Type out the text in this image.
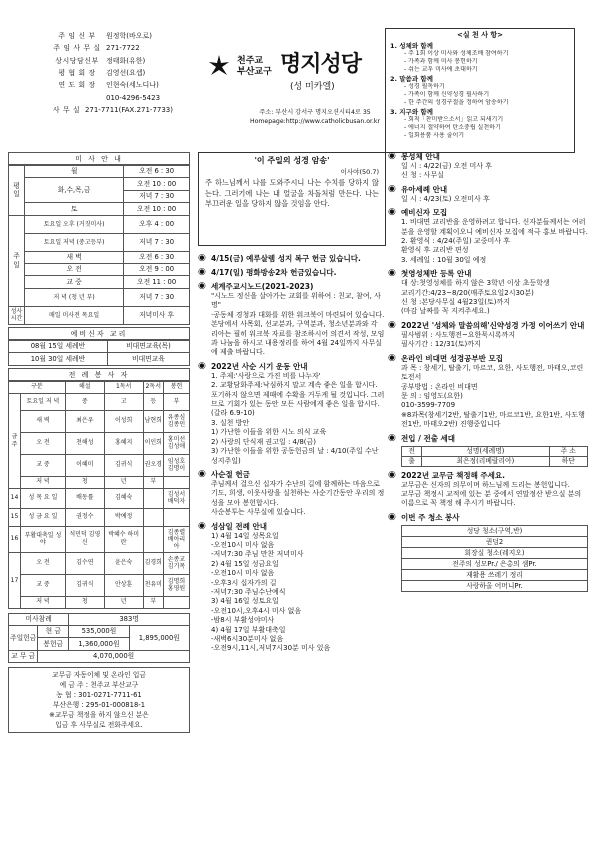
주 임 신 부	원정학(바오로)
주 임 사 무 실 271-7722
상시당담신부	정태화(유한)
평 협 회 장	김영선(요셉)
연 도 회 장	인현숙(세노디나)
010-4296-5423
사 무 실 271-7711(FAX.271-7733)
천주교
부산교구 명지성당
(성 미카엘)
주소: 부산시 강서구 명지오션시티4로 35
Homepage:http://www.catholicbusan.or.kr
<실 천 사 항>
1. 성체와 함께
- 주 1회 이상 미사와 성체조배 참여하기
- 가족과 함께 미사 봉헌하기
- 쉬는 교우 미사에 초대하기
2. 말씀과 함께
- 성경 필독하기
- 가족이 함께 신약성경 필사하기
- 한 주간의 성경구절을 정하여 암송하기
3. 지구와 함께
- 회칙「찬미받으소서」읽고 되새기기
- 에너지 절약하여 탄소중립 실천하기
- 일회용품 사용 줄이기
미 사 안 내
평일	월	오전 6 : 30
	화,수,목,금	오전 10 : 00
		저녁 7 : 30
	토	오전 10 : 00
주일	토요일 오후 (거짓미사)	오후 4 : 00
	토요일 저녁 (중고등부)	저녁 7 : 30
	새 벽	오전 6 : 30
	오 전	오전 9 : 00
	교 중	오전 11 : 00
	저 녁 (청 년 부)	저녁 7 : 30
성사시간	매일 미사전 목요일	저녁미사 후
예비신자 교리
08월 15일 세례반	비대면교육(목)
10월 30일 세례반	비대면교육
전 례 봉 사 자
구분		해설	1독서	2독서	봉헌
금 주	토요일 저 녁	중	고	등	부
	새 벽	최은우	이성희	남현희	유종심 김종민
	오 전	천해성	홍혜지	이인희	홍미선 김성애
	교 중	이혜미	김귀식	권오경	임성호 김명이
	저 녁	청	년	부	
14	성 목 요 일	배동률	김혜숙		김성서 배덕자
15	성 금 요 일	권정수	박예정		
16	부활대축일 성야	석민덕 김영신	박혜수 하미란		김종렬 배아리아
17	오 전	김수연	윤은숙	김경희	손종교 김기목
	교 중	김귀식	안상훈	천유미	김명희 홍영원
	저 녁	청	년	부	
미사참례		383명	
주일헌금	현 금	535,000원	1,895,000원
	봉헌금	1,360,000원	
교 무 금	4,070,000원		
교무금 자동이체 및 온라인 입금
예 금 주 : 천주교 부산교구
농 협 : 301-0271-7711-61
부산은행 : 295-01-000818-1
※교무금 책정을 하지 않으신 분은
입금 후 사무실로 전화주세요.
'이 주일의 성경 암송'
이사야(50.7)
주 하느님께서 나를 도와주시니 나는 수치를 당하지 않는다. 그러기에 나는 내 얼굴을 차돌처럼 만든다. 나는 부끄러운 일을 당하지 않을 것임을 안다.
◉ 4/15(금) 예루살렘 성지 복구 헌금 있습니다.
◉ 4/17(일) 평화방송2차 헌금있습니다.
◉ 세계주교시노드(2021-2023)
"시노드 정신을 살아가는 교회를 위하여 : 친교, 참여, 사명"
·공동체 경청과 대화를 위한 워크북이 마련되어 있습니다. 본당에서 사목회, 선교분과, 구역분과, 청소년분과와 각 리아는 필히 워크북 자료를 참조하시어 의견서 작성, 모임과 나눔을 하시고 내용정리를 하여 4월 24일까지 사무실에 제출 바랍니다.
◉ 2022년 사순 시기 운동 안내
1. 주제:'사랑으로 가진 비를 나누자'
2. 교황담화주제:낙심하지 말고 계속 좋은 일을 합시다. 포기하지 않으면 제때에 수확을 거두게 될 것입니다. 그러므로 기회가 있는 동안 모든 사람에게 좋은 일을 합시다.(갈라 6.9-10)
3. 실천 방안
1) 가난한 이들을 위한 시노 의식 교육
2) 사랑의 단식재 권고일 : 4/8(금)
3) 가난한 이들을 위한 공동헌금의 날 : 4/10(주일 수난 성지주일)
◉ 사순절 헌금
주님께서 걸으신 십자가 수난의 길에 함께하는 마음으로 기도, 희생, 이웃사랑을 실천하는 사순기간동안 우리의 정성을 모아 봉헌합시다.
사순봉투는 사무실에 있습니다.
◉ 성삼일 전례 안내
1) 4월 14일 성목요일
-오전10시 미사 없음
-저녁7:30 주님 만찬 저녁미사
2) 4월 15일 성금요일
-오전10시 미사 없음
-오후3시 십자가의 길
-저녁7:30 주님수난예식
3) 4월 16일 성토요일
-오전10시,오후4시 미사 없음
-밤8시 부활성야미사
4) 4월 17일 부활대축일
-새벽6시30분미사 없음
-오전9시,11시,저녁7시30분 미사 있음
◉ 봉성체 안내
일 시 : 4/22(금) 오전 미사 후
신 청 : 사무실
◉ 유아세례 안내
일 시 : 4/23(토) 오전미사 후
◉ 예비신자 모집
1. 비대면 교리반을 운영하려고 합니다. 신자분들께서는 여러분을 운영할 계획이오니 예비신자 모집에 적극 홍보 바랍니다.
2. 환영식 : 4/24(주일) 교중미사 후
환영식 후 교리반 편성
3. 세례일 : 10월 30일 예정
◉ 첫영성체반 등록 안내
대 상:첫영성체를 하지 않은 3학년 이상 초등학생
교리기간:4/23~8/20(매주토요일2시30분)
신 청 :본당사무실 4월23일(토)까지
(마감 날짜를 꼭 지켜주세요.)
◉ 2022년 '성체와 말씀의해'신약성경 가정 이어쓰기 안내
필사범위 : 사도행전~요한묵시록까지
필사기간 : 12/31(토)까지
◉ 온라인 비대면 성경공부반 모집
과 목 : 창세기, 탈출기, 마르코, 요한, 사도행전, 마태오,코린토전서
공부방법 : 온라인 비대면
문 의 : 임영도(요한)
010-3599-7709
※8과목(창세기2반, 탈출기1반, 마르코1반, 요한1반, 사도행전1반, 마태오2반) 진행중입니다
◉ 전입 / 전출 세대
전	성명(세례명)	주 소
출	최은정(리베랄리아)	하단
◉ 2022년 교무금 책정해 주세요.
교무금은 신자의 의무이며 하느님께 드리는 봉헌입니다.
교무금 책정시 교적에 있는 분 중에서 연말정산 받으실 분의 이름으로 꼭 책정 해 주시기 바랍니다.
◉ 이번 주 청소 봉사
성당 청소(구역,반)
퀸덤2
회장실 청소(레지오)
전주의 성모Pr./ 은총의 샘Pr.
재활용 쓰레기 정리
사랑하올 어머니Pr.
